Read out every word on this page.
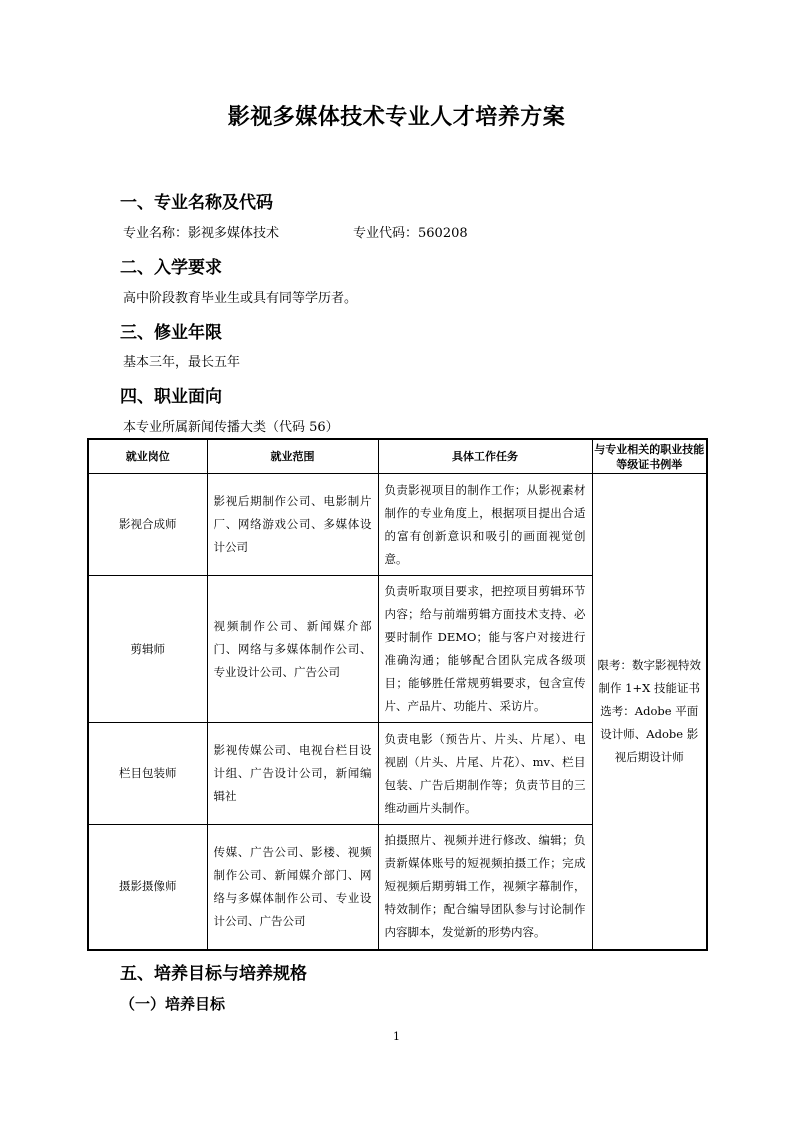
影视多媒体技术专业人才培养方案
一、专业名称及代码
专业名称：影视多媒体技术	专业代码：560208
二、入学要求
高中阶段教育毕业生或具有同等学历者。
三、修业年限
基本三年，最长五年
四、职业面向
本专业所属新闻传播大类（代码 56）
就业岗位	就业范围	具体工作任务	与专业相关的职业技能等级证书例举
影视合成师	影视后期制作公司、电影制片厂、网络游戏公司、多媒体设计公司	负责影视项目的制作工作；从影视素材制作的专业角度上，根据项目提出合适的富有创新意识和吸引的画面视觉创意。	限考：数字影视特效制作 1+X 技能证书
选考：Adobe 平面设计师、Adobe 影视后期设计师

剪辑师	视频制作公司、新闻媒介部门、网络与多媒体制作公司、专业设计公司、广告公司	负责听取项目要求，把控项目剪辑环节内容；给与前端剪辑方面技术支持、必要时制作 DEMO；能与客户对接进行准确沟通；能够配合团队完成各级项目；能够胜任常规剪辑要求，包含宣传片、产品片、功能片、采访片。	
栏目包装师	影视传媒公司、电视台栏目设计组、广告设计公司，新闻编辑社	负责电影（预告片、片头、片尾）、电视剧（片头、片尾、片花）、mv、栏目包装、广告后期制作等；负责节目的三维动画片头制作。	
摄影摄像师	传媒、广告公司、影楼、视频制作公司、新闻媒介部门、网络与多媒体制作公司、专业设计公司、广告公司	拍摄照片、视频并进行修改、编辑；负责新媒体账号的短视频拍摄工作；完成短视频后期剪辑工作，视频字幕制作，特效制作；配合编导团队参与讨论制作内容脚本，发觉新的形势内容。	
五、培养目标与培养规格
（一）培养目标
1
